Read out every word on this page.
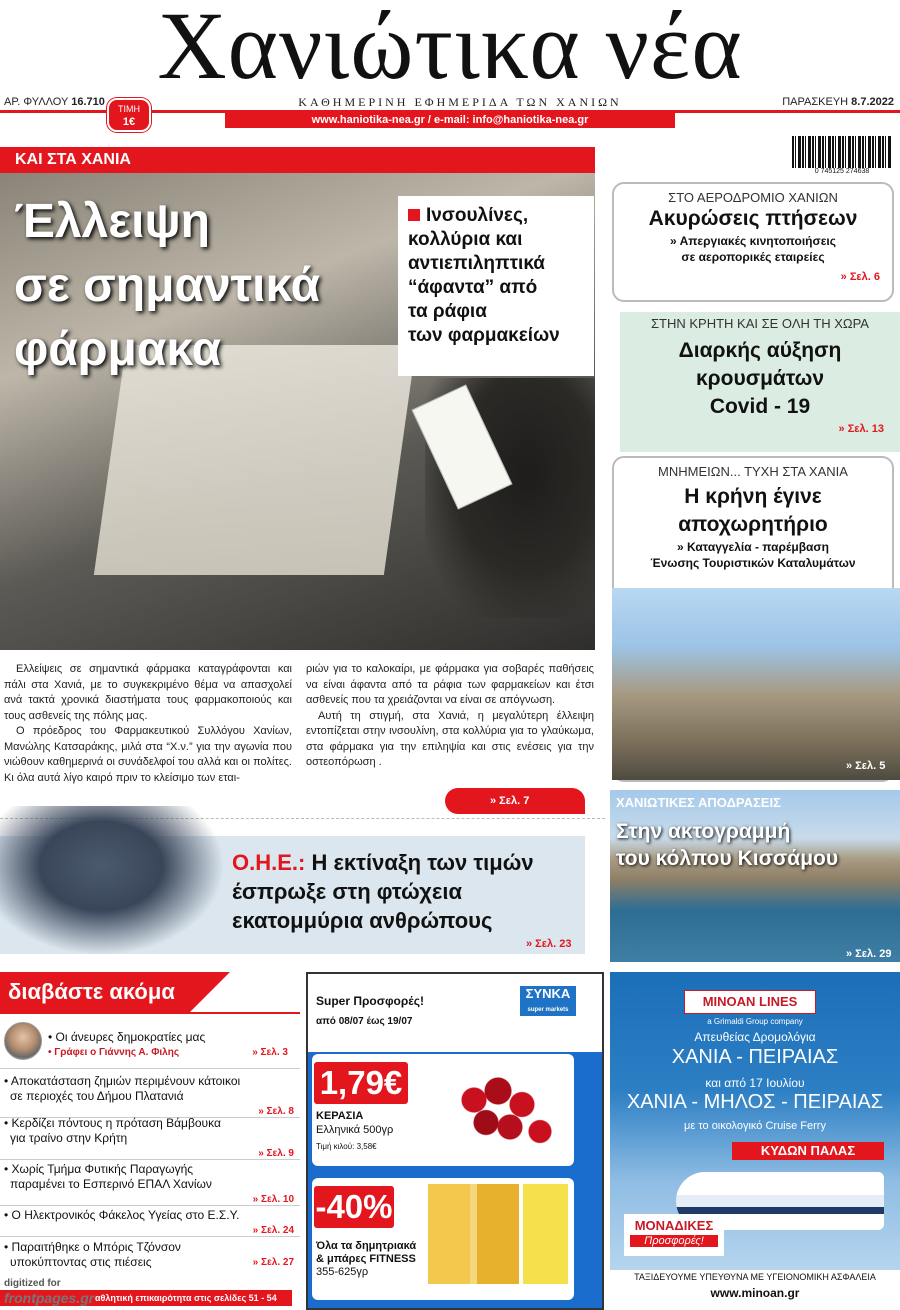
Χανιώτικα νέα
ΑΡ. ΦΥΛΛΟΥ 16.710	ΚΑΘΗΜΕΡΙΝΗ ΕΦΗΜΕΡΙΔΑ ΤΩΝ ΧΑΝΙΩΝ	ΠΑΡΑΣΚΕΥΗ 8.7.2022
www.haniotika-nea.gr / e-mail: info@haniotika-nea.gr
ΤΙΜΗ
1€
0 745125 274638
ΚΑΙ ΣΤΑ ΧΑΝΙΑ
Έλλειψη
σε σημαντικά
φάρμακα
Ινσουλίνες,
κολλύρια και
αντιεπιληπτικά
“άφαντα” από
τα ράφια
των φαρμακείων

Ελλείψεις σε σημαντικά φάρμακα καταγράφονται και πάλι στα Χανιά, με το συγκεκριμένο θέμα να απασχολεί ανά τακτά χρονικά διαστήματα τους φαρμακοποιούς και τους ασθενείς της πόλης μας.

Ο πρόεδρος του Φαρμακευτικού Συλλόγου Χανίων, Μανώλης Κατσαράκης, μιλά στα “Χ.ν.” για την αγωνία που νιώθουν καθημερινά οι συνάδελφοί του αλλά και οι πολίτες. Κι όλα αυτά λίγο καιρό πριν το κλείσιμο των εται-

ριών για το καλοκαίρι, με φάρμακα για σοβαρές παθήσεις να είναι άφαντα από τα ράφια των φαρμακείων και έτσι ασθενείς που τα χρειάζονται να είναι σε απόγνωση.

Αυτή τη στιγμή, στα Χανιά, η μεγαλύτερη έλλειψη εντοπίζεται στην ινσουλίνη, στα κολλύρια για το γλαύκωμα, στα φάρμακα για την επιληψία και στις ενέσεις για την οστεοπόρωση .

» Σελ. 7
ΣΤΟ ΑΕΡΟΔΡΟΜΙΟ ΧΑΝΙΩΝ
Ακυρώσεις πτήσεων
» Απεργιακές κινητοποιήσεις
σε αεροπορικές εταιρείες
» Σελ. 6
ΣΤΗΝ ΚΡΗΤΗ ΚΑΙ ΣΕ ΟΛΗ ΤΗ ΧΩΡΑ
Διαρκής αύξηση
κρουσμάτων
Covid - 19
» Σελ. 13
ΜΝΗΜΕΙΩΝ... ΤΥΧΗ ΣΤΑ ΧΑΝΙΑ
Η κρήνη έγινε
αποχωρητήριο
» Καταγγελία - παρέμβαση
Ένωσης Τουριστικών Καταλυμάτων
» Σελ. 5
ΧΑΝΙΩΤΙΚΕΣ ΑΠΟΔΡΑΣΕΙΣ
Στην ακτογραμμή
του κόλπου Κισσάμου
» Σελ. 29
Ο.Η.Ε.: Η εκτίναξη των τιμών
έσπρωξε στη φτώχεια
εκατομμύρια ανθρώπους
» Σελ. 23
διαβάστε ακόμα
• Οι άνευρες δημοκρατίες μας
• Γράφει ο Γιάννης Α. Φιλης	» Σελ. 3
• Αποκατάσταση ζημιών περιμένουν κάτοικοι
σε περιοχές του Δήμου Πλατανιά
» Σελ. 8
• Κερδίζει πόντους η πρόταση Βάμβουκα
για τραίνο στην Κρήτη
» Σελ. 9
• Χωρίς Τμήμα Φυτικής Παραγωγής
παραμένει το Εσπερινό ΕΠΑΛ Χανίων
» Σελ. 10
• Ο Ηλεκτρονικός Φάκελος Υγείας στο Ε.Σ.Υ.
» Σελ. 24
• Παραιτήθηκε ο Μπόρις Τζόνσον
υποκύπτοντας στις πιέσεις	» Σελ. 27
αθλητική επικαιρότητα στις σελίδες 51 - 54
digitized for
frontpages.gr
Super Προσφορές!
από 08/07 έως 19/07
ΣΥΝΚΑ
super markets
1,79€
ΚΕΡΑΣΙΑ
Ελληνικά 500γρ
Τιμή κιλού: 3,58€
-40%
Όλα τα δημητριακά
& μπάρες FITNESS
355-625γρ
MINOAN LINES
a Grimaldi Group company
Απευθείας Δρομολόγια
ΧΑΝΙΑ - ΠΕΙΡΑΙΑΣ
και από 17 Ιουλίου
ΧΑΝΙΑ - ΜΗΛΟΣ - ΠΕΙΡΑΙΑΣ
με το οικολογικό Cruise Ferry
ΚΥΔΩΝ ΠΑΛΑΣ
ΜΟΝΑΔΙΚΕΣ
Προσφορές!
ΤΑΞΙΔΕΥΟΥΜΕ ΥΠΕΥΘΥΝΑ ΜΕ ΥΓΕΙΟΝΟΜΙΚΗ ΑΣΦΑΛΕΙΑ
www.minoan.gr
